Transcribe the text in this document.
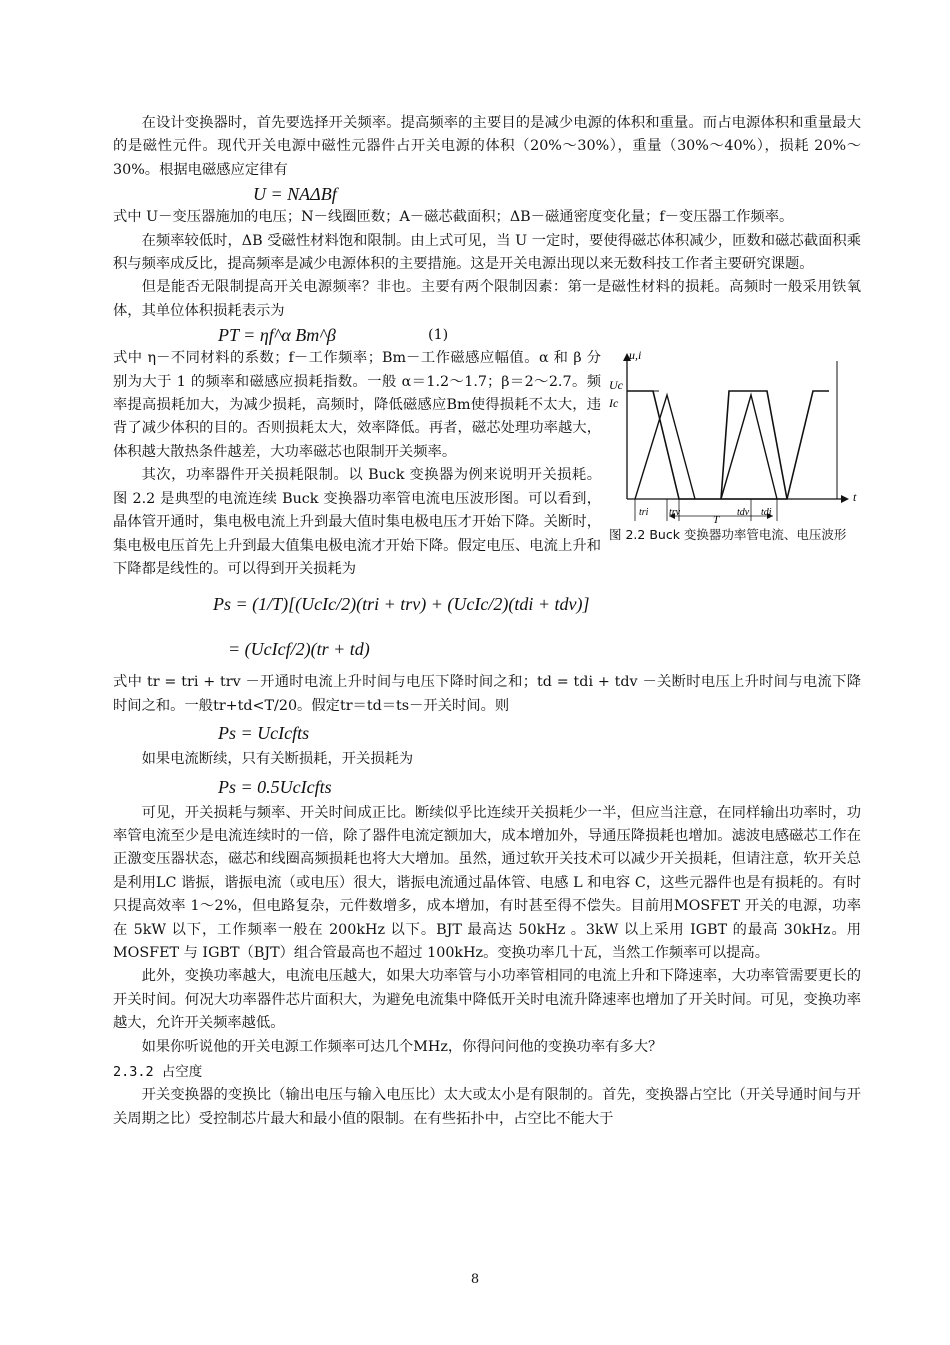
在设计变换器时，首先要选择开关频率。提高频率的主要目的是减少电源的体积和重量。而占电源体积和重量最大的是磁性元件。现代开关电源中磁性元器件占开关电源的体积（20%～30%），重量（30%～40%），损耗 20%～30%。根据电磁感应定律有

U = NAΔBf

式中 U－变压器施加的电压；N－线圈匝数；A－磁芯截面积；ΔB－磁通密度变化量；f－变压器工作频率。

在频率较低时，ΔB 受磁性材料饱和限制。由上式可见，当 U 一定时，要使得磁芯体积减少，匝数和磁芯截面积乘积与频率成反比，提高频率是减少电源体积的主要措施。这是开关电源出现以来无数科技工作者主要研究课题。

但是能否无限制提高开关电源频率？非也。主要有两个限制因素：第一是磁性材料的损耗。高频时一般采用铁氧体，其单位体积损耗表示为

PT = ηf^α Bm^β	(1)
Uc
Ic
u,i
t
tri trv
T
tdv tdi
图 2.2 Buck 变换器功率管电流、电压波形

式中 η－不同材料的系数；f－工作频率；Bm－工作磁感应幅值。α 和 β 分别为大于 1 的频率和磁感应损耗指数。一般 α＝1.2～1.7；β＝2～2.7。频率提高损耗加大，为减少损耗，高频时，降低磁感应Bm使得损耗不太大，违背了减少体积的目的。否则损耗太大，效率降低。再者，磁芯处理功率越大，体积越大散热条件越差，大功率磁芯也限制开关频率。

其次，功率器件开关损耗限制。以 Buck 变换器为例来说明开关损耗。图 2.2 是典型的电流连续 Buck 变换器功率管电流电压波形图。可以看到，晶体管开通时，集电极电流上升到最大值时集电极电压才开始下降。关断时，集电极电压首先上升到最大值集电极电流才开始下降。假定电压、电流上升和下降都是线性的。可以得到开关损耗为

Ps = (1/T)[(UcIc/2)(tri + trv) + (UcIc/2)(tdi + tdv)]
= (UcIcf/2)(tr + td)

式中 tr = tri + trv －开通时电流上升时间与电压下降时间之和；td = tdi + tdv －关断时电压上升时间与电流下降时间之和。一般tr+td<T/20。假定tr＝td＝ts－开关时间。则

Ps = UcIcfts

如果电流断续，只有关断损耗，开关损耗为

Ps = 0.5UcIcfts

可见，开关损耗与频率、开关时间成正比。断续似乎比连续开关损耗少一半，但应当注意，在同样输出功率时，功率管电流至少是电流连续时的一倍，除了器件电流定额加大，成本增加外，导通压降损耗也增加。滤波电感磁芯工作在正激变压器状态，磁芯和线圈高频损耗也将大大增加。虽然，通过软开关技术可以减少开关损耗，但请注意，软开关总是利用LC 谐振，谐振电流（或电压）很大，谐振电流通过晶体管、电感 L 和电容 C，这些元器件也是有损耗的。有时只提高效率 1～2%，但电路复杂，元件数增多，成本增加，有时甚至得不偿失。目前用MOSFET 开关的电源，功率在 5kW 以下，工作频率一般在 200kHz 以下。BJT 最高达 50kHz 。3kW 以上采用 IGBT 的最高 30kHz。用 MOSFET 与 IGBT（BJT）组合管最高也不超过 100kHz。变换功率几十瓦，当然工作频率可以提高。

此外，变换功率越大，电流电压越大，如果大功率管与小功率管相同的电流上升和下降速率，大功率管需要更长的开关时间。何况大功率器件芯片面积大，为避免电流集中降低开关时电流升降速率也增加了开关时间。可见，变换功率越大，允许开关频率越低。

如果你听说他的开关电源工作频率可达几个MHz，你得问问他的变换功率有多大？

2.3.2 占空度

开关变换器的变换比（输出电压与输入电压比）太大或太小是有限制的。首先，变换器占空比（开关导通时间与开关周期之比）受控制芯片最大和最小值的限制。在有些拓扑中，占空比不能大于

8
